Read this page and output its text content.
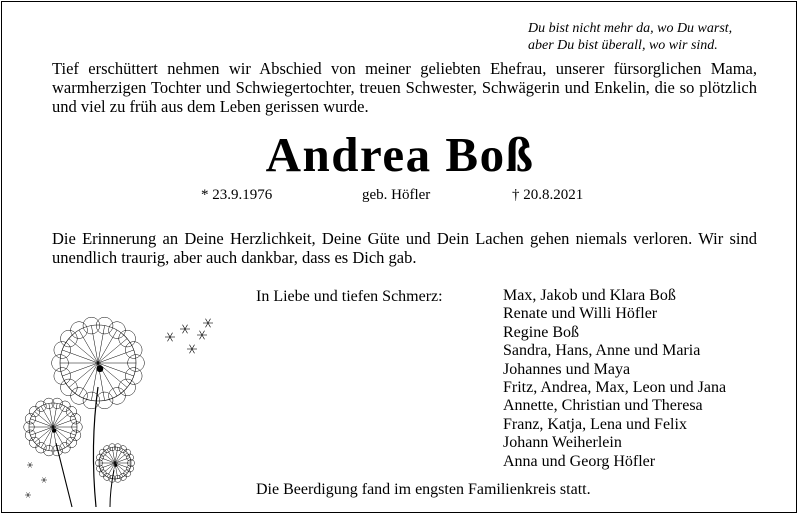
Du bist nicht mehr da, wo Du warst,
aber Du bist überall, wo wir sind.
Tief erschüttert nehmen wir Abschied von meiner geliebten Ehefrau, unserer fürsorglichen Mama, warmherzigen Tochter und Schwiegertochter, treuen Schwester, Schwägerin und Enkelin, die so plötzlich und viel zu früh aus dem Leben gerissen wurde.
Andrea Boß
* 23.9.1976	geb. Höfler	† 20.8.2021
Die Erinnerung an Deine Herzlichkeit, Deine Güte und Dein Lachen gehen niemals verloren. Wir sind unendlich traurig, aber auch dankbar, dass es Dich gab.
In Liebe und tiefen Schmerz:	Max, Jakob und Klara Boß
Renate und Willi Höfler
Regine Boß
Sandra, Hans, Anne und Maria
Johannes und Maya
Fritz, Andrea, Max, Leon und Jana
Annette, Christian und Theresa
Franz, Katja, Lena und Felix
Johann Weiherlein
Anna und Georg Höfler
Die Beerdigung fand im engsten Familienkreis statt.
